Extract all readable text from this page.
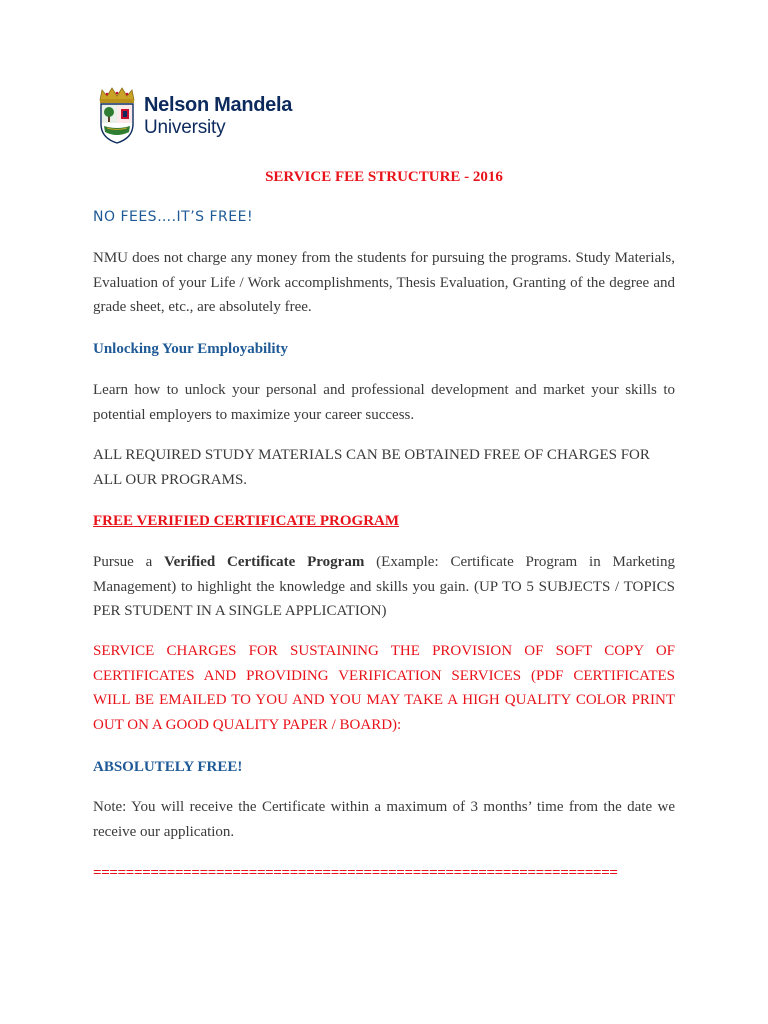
Nelson Mandela
University
SERVICE FEE STRUCTURE - 2016

NO FEES….IT’S FREE!

NMU does not charge any money from the students for pursuing the programs. Study Materials, Evaluation of your Life / Work accomplishments, Thesis Evaluation, Granting of the degree and grade sheet, etc., are absolutely free.

Unlocking Your Employability

Learn how to unlock your personal and professional development and market your skills to potential employers to maximize your career success.

ALL REQUIRED STUDY MATERIALS CAN BE OBTAINED FREE OF CHARGES FOR ALL OUR PROGRAMS.

FREE VERIFIED CERTIFICATE PROGRAM

Pursue a Verified Certificate Program (Example: Certificate Program in Marketing Management) to highlight the knowledge and skills you gain. (UP TO 5 SUBJECTS / TOPICS PER STUDENT IN A SINGLE APPLICATION)

SERVICE CHARGES FOR SUSTAINING THE PROVISION OF SOFT COPY OF CERTIFICATES AND PROVIDING VERIFICATION SERVICES (PDF CERTIFICATES WILL BE EMAILED TO YOU AND YOU MAY TAKE A HIGH QUALITY COLOR PRINT OUT ON A GOOD QUALITY PAPER / BOARD):

ABSOLUTELY FREE!

Note: You will receive the Certificate within a maximum of 3 months’ time from the date we receive our application.

================================================================
